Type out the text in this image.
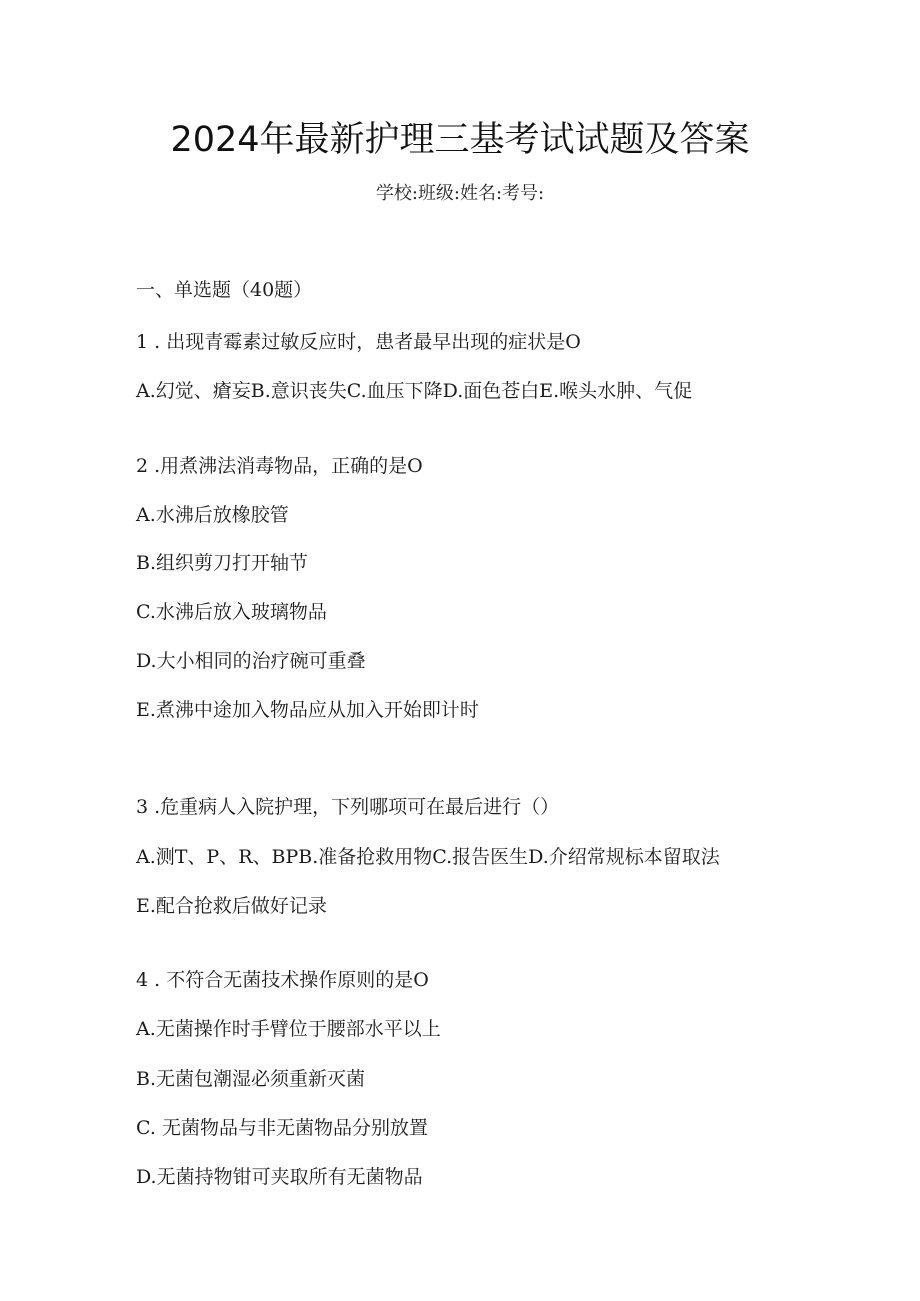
2024年最新护理三基考试试题及答案
学校:班级:姓名:考号:
一、单选题（40题）
1 . 出现青霉素过敏反应时，患者最早出现的症状是O
A.幻觉、瘡妄B.意识丧失C.血压下降D.面色苍白E.喉头水肿、气促
2 .用煮沸法消毒物品，正确的是O
A.水沸后放橡胶管
B.组织剪刀打开轴节
C.水沸后放入玻璃物品
D.大小相同的治疗碗可重叠
E.煮沸中途加入物品应从加入开始即计时
3 .危重病人入院护理，下列哪项可在最后进行（）
A.测T、P、R、BPB.准备抢救用物C.报告医生D.介绍常规标本留取法
E.配合抢救后做好记录
4 . 不符合无菌技术操作原则的是O
A.无菌操作时手臂位于腰部水平以上
B.无菌包潮湿必须重新灭菌
C. 无菌物品与非无菌物品分别放置
D.无菌持物钳可夹取所有无菌物品
